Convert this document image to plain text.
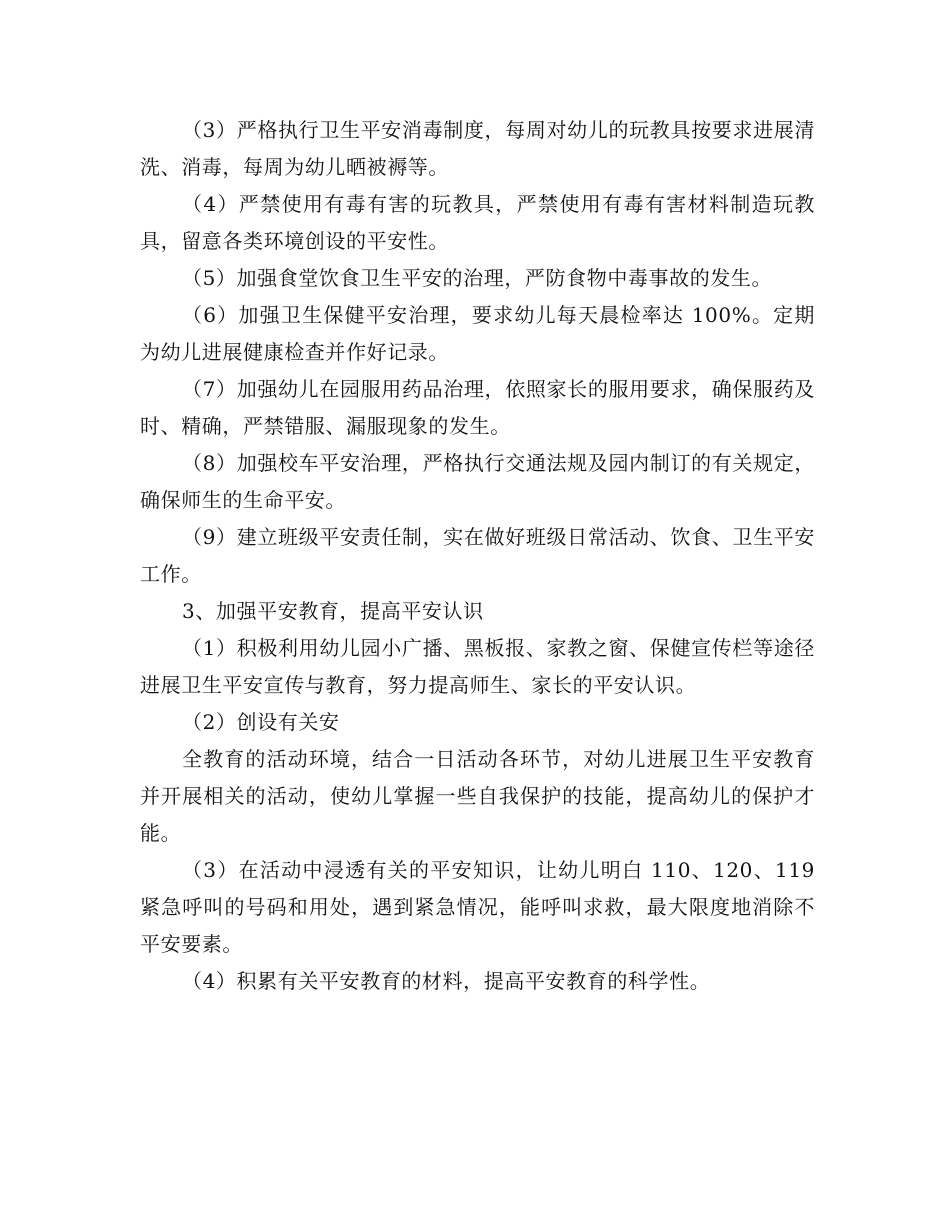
（3）严格执行卫生平安消毒制度，每周对幼儿的玩教具按要求进展清洗、消毒，每周为幼儿晒被褥等。

（4）严禁使用有毒有害的玩教具，严禁使用有毒有害材料制造玩教具，留意各类环境创设的平安性。

（5）加强食堂饮食卫生平安的治理，严防食物中毒事故的发生。

（6）加强卫生保健平安治理，要求幼儿每天晨检率达 100%。定期为幼儿进展健康检查并作好记录。

（7）加强幼儿在园服用药品治理，依照家长的服用要求，确保服药及时、精确，严禁错服、漏服现象的发生。

（8）加强校车平安治理，严格执行交通法规及园内制订的有关规定，确保师生的生命平安。

（9）建立班级平安责任制，实在做好班级日常活动、饮食、卫生平安工作。

3、加强平安教育，提高平安认识

（1）积极利用幼儿园小广播、黑板报、家教之窗、保健宣传栏等途径进展卫生平安宣传与教育，努力提高师生、家长的平安认识。

（2）创设有关安

全教育的活动环境，结合一日活动各环节，对幼儿进展卫生平安教育并开展相关的活动，使幼儿掌握一些自我保护的技能，提高幼儿的保护才能。

（3）在活动中浸透有关的平安知识，让幼儿明白 110、120、119 紧急呼叫的号码和用处，遇到紧急情况，能呼叫求救，最大限度地消除不平安要素。

（4）积累有关平安教育的材料，提高平安教育的科学性。
